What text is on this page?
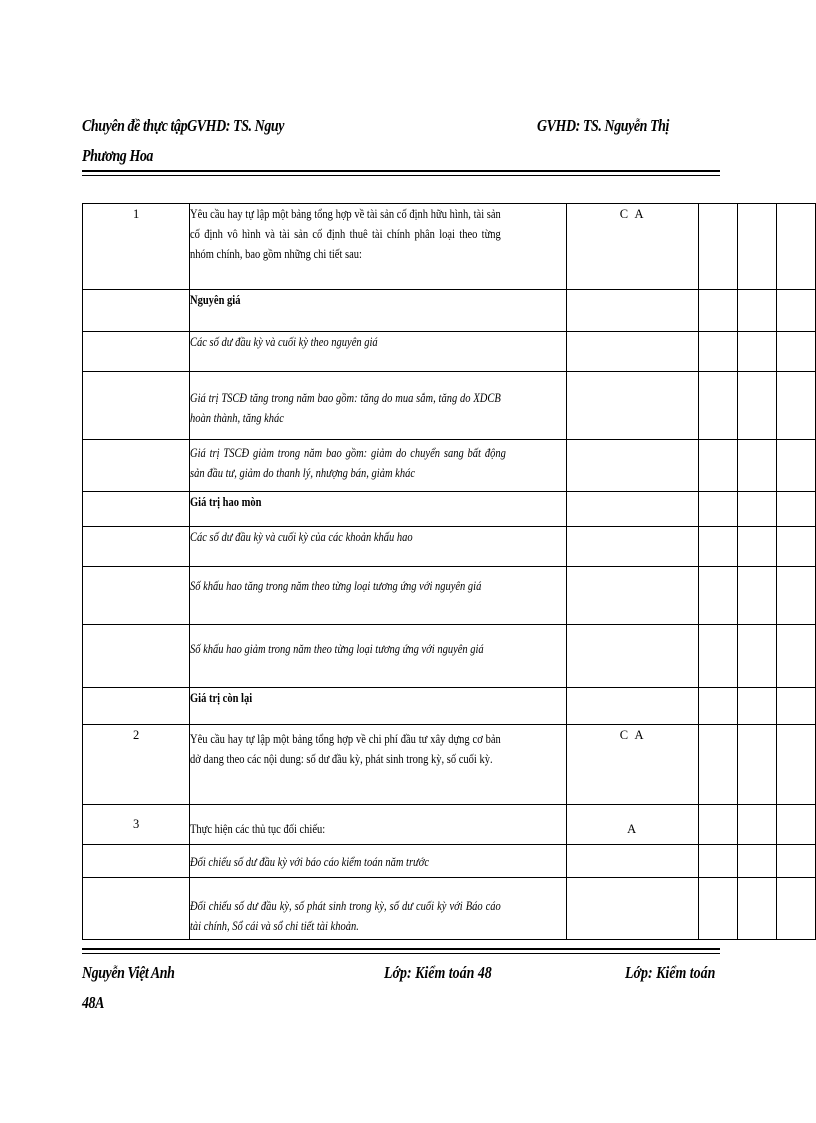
Chuyên đề thực tậpGVHD: TS. Nguy
Phương Hoa
GVHD: TS. Nguyễn Thị
1	Yêu cầu hay tự lập một bảng tổng hợp về tài sản cố định hữu hình, tài sản cố định vô hình và tài sản cố định thuê tài chính phân loại theo từng nhóm chính, bao gồm những chi tiết sau:	C A			

	Nguyên giá				

	Các số dư đầu kỳ và cuối kỳ theo nguyên giá				

	Giá trị TSCĐ tăng trong năm bao gồm: tăng do mua sắm, tăng do XDCB hoàn thành, tăng khác				

	Giá trị TSCĐ giảm trong năm bao gồm: giảm do chuyển sang bất động sản đầu tư, giảm do thanh lý, nhượng bán, giảm khác				

	Giá trị hao mòn				

	Các số dư đầu kỳ và cuối kỳ của các khoản khấu hao				

	Số khấu hao tăng trong năm theo từng loại tương ứng với nguyên giá				

	Số khấu hao giảm trong năm theo từng loại tương ứng với nguyên giá				

	Giá trị còn lại				

2	Yêu cầu hay tự lập một bảng tổng hợp về chi phí đầu tư xây dựng cơ bản dở dang theo các nội dung: số dư đầu kỳ, phát sinh trong kỳ, số cuối kỳ.	C A			
3	Thực hiện các thủ tục đối chiếu:	A			

	Đối chiếu số dư đầu kỳ với báo cáo kiểm toán năm trước				

	Đối chiếu số dư đầu kỳ, số phát sinh trong kỳ, số dư cuối kỳ với Báo cáo tài chính, Sổ cái và sổ chi tiết tài khoản.				

Nguyễn Việt Anh
48A
Lớp: Kiểm toán 48	Lớp: Kiểm toán
